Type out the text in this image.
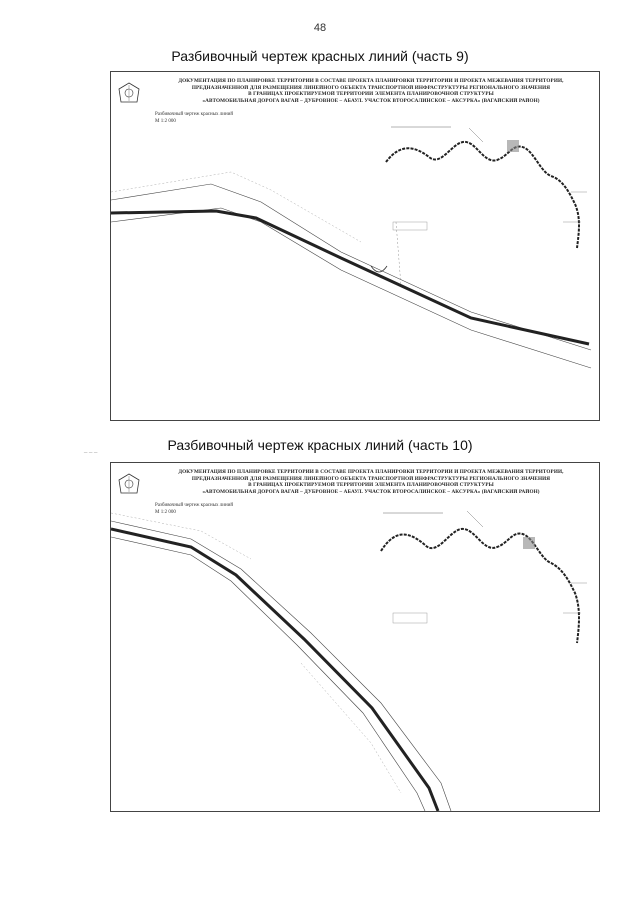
48
Разбивочный чертеж красных линий (часть 9)
ДОКУМЕНТАЦИЯ ПО ПЛАНИРОВКЕ ТЕРРИТОРИИ В СОСТАВЕ ПРОЕКТА ПЛАНИРОВКИ ТЕРРИТОРИИ И ПРОЕКТА МЕЖЕВАНИЯ ТЕРРИТОРИИ,
ПРЕДНАЗНАЧЕННОЙ ДЛЯ РАЗМЕЩЕНИЯ ЛИНЕЙНОГО ОБЪЕКТА ТРАНСПОРТНОЙ ИНФРАСТРУКТУРЫ РЕГИОНАЛЬНОГО ЗНАЧЕНИЯ
В ГРАНИЦАХ ПРОЕКТИРУЕМОЙ ТЕРРИТОРИИ ЭЛЕМЕНТА ПЛАНИРОВОЧНОЙ СТРУКТУРЫ
«АВТОМОБИЛЬНАЯ ДОРОГА ВАГАЙ – ДУБРОВНОЕ – АБАУЛ. УЧАСТОК ВТОРОСАЛИНСКОЕ – АКСУРКА» (ВАГАЙСКИЙ РАЙОН)
Разбивочный чертеж красных линий
М 1:2 000
_ _ _	Разбивочный чертеж красных линий (часть 10)
ДОКУМЕНТАЦИЯ ПО ПЛАНИРОВКЕ ТЕРРИТОРИИ В СОСТАВЕ ПРОЕКТА ПЛАНИРОВКИ ТЕРРИТОРИИ И ПРОЕКТА МЕЖЕВАНИЯ ТЕРРИТОРИИ,
ПРЕДНАЗНАЧЕННОЙ ДЛЯ РАЗМЕЩЕНИЯ ЛИНЕЙНОГО ОБЪЕКТА ТРАНСПОРТНОЙ ИНФРАСТРУКТУРЫ РЕГИОНАЛЬНОГО ЗНАЧЕНИЯ
В ГРАНИЦАХ ПРОЕКТИРУЕМОЙ ТЕРРИТОРИИ ЭЛЕМЕНТА ПЛАНИРОВОЧНОЙ СТРУКТУРЫ
«АВТОМОБИЛЬНАЯ ДОРОГА ВАГАЙ – ДУБРОВНОЕ – АБАУЛ. УЧАСТОК ВТОРОСАЛИНСКОЕ – АКСУРКА» (ВАГАЙСКИЙ РАЙОН)
Разбивочный чертеж красных линий
М 1:2 000
